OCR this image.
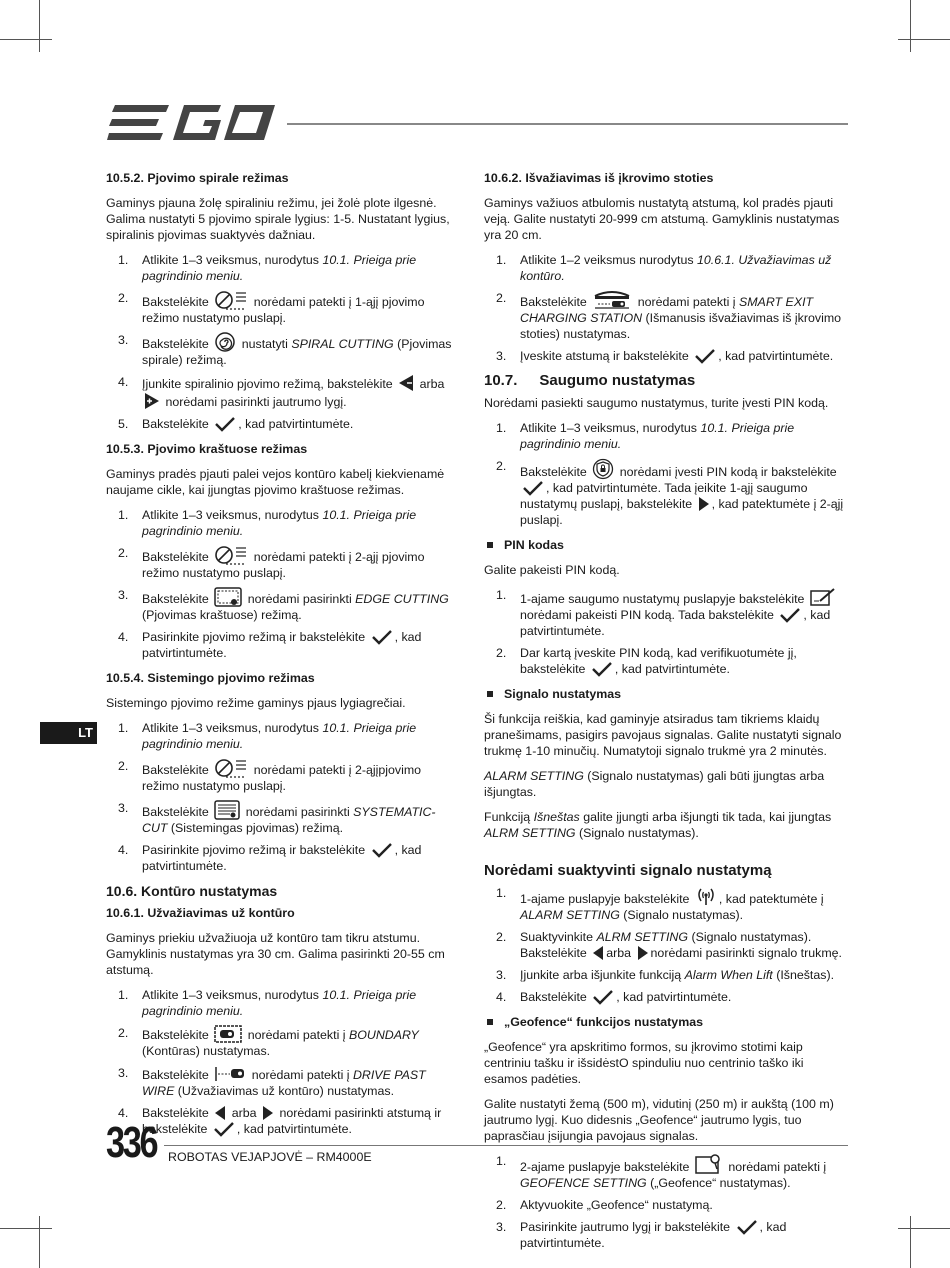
LT
10.5.2. Pjovimo spirale režimas

Gaminys pjauna žolę spiraliniu režimu, jei žolė plote ilgesnė. Galima nustatyti 5 pjovimo spirale lygius: 1-5. Nustatant lygius, spiralinis pjovimas suaktyvės dažniau.

1. Atlikite 1–3 veiksmus, nurodytus 10.1. Prieiga prie pagrindinio meniu.
2. Bakstelėkite	norėdami patekti į 1-ąjį pjovimo režimo nustatymo puslapį.
3. Bakstelėkite	nustatyti SPIRAL CUTTING (Pjovimas spirale) režimą.
4. Įjunkite spiralinio pjovimo režimą, bakstelėkite arba  norėdami pasirinkti jautrumo lygį.
5. Bakstelėkite , kad patvirtintumėte.
10.5.3. Pjovimo kraštuose režimas

Gaminys pradės pjauti palei vejos kontūro kabelį kiekvienamė naujame cikle, kai įjungtas pjovimo kraštuose režimas.

1. Atlikite 1–3 veiksmus, nurodytus 10.1. Prieiga prie pagrindinio meniu.
2. Bakstelėkite	norėdami patekti į 2-ąjį pjovimo režimo nustatymo puslapį.
3. Bakstelėkite	norėdami pasirinkti EDGE CUTTING (Pjovimas kraštuose) režimą.
4. Pasirinkite pjovimo režimą ir bakstelėkite , kad patvirtintumėte.
10.5.4. Sistemingo pjovimo režimas

Sistemingo pjovimo režime gaminys pjaus lygiagrečiai.

1. Atlikite 1–3 veiksmus, nurodytus 10.1. Prieiga prie pagrindinio meniu.
2. Bakstelėkite	norėdami patekti į 2-ąjįpjovimo režimo nustatymo puslapį.
3. Bakstelėkite	norėdami pasirinkti SYSTEMATIC-CUT (Sistemingas pjovimas) režimą.
4. Pasirinkite pjovimo režimą ir bakstelėkite , kad patvirtintumėte.
10.6. Kontūro nustatymas
10.6.1. Užvažiavimas už kontūro

Gaminys priekiu užvažiuoja už kontūro tam tikru atstumu. Gamyklinis nustatymas yra 30 cm. Galima pasirinkti 20-55 cm atstumą.

1. Atlikite 1–3 veiksmus, nurodytus 10.1. Prieiga prie pagrindinio meniu.
2. Bakstelėkite	norėdami patekti į BOUNDARY (Kontūras) nustatymas.
3. Bakstelėkite	norėdami patekti į DRIVE PAST WIRE (Užvažiavimas už kontūro) nustatymas.
4. Bakstelėkite arba norėdami pasirinkti atstumą ir bakstelėkite , kad patvirtintumėte.
10.6.2. Išvažiavimas iš įkrovimo stoties

Gaminys važiuos atbulomis nustatytą atstumą, kol pradės pjauti veją. Galite nustatyti 20-999 cm atstumą. Gamyklinis nustatymas yra 20 cm.

1. Atlikite 1–2 veiksmus nurodytus 10.6.1. Užvažiavimas už kontūro.
2. Bakstelėkite	norėdami patekti į SMART EXIT CHARGING STATION (Išmanusis išvažiavimas iš įkrovimo stoties) nustatymas.
3. Įveskite atstumą ir bakstelėkite , kad patvirtintumėte.
10.7. Saugumo nustatymas

Norėdami pasiekti saugumo nustatymus, turite įvesti PIN kodą.

1. Atlikite 1–3 veiksmus, nurodytus 10.1. Prieiga prie pagrindinio meniu.
2. Bakstelėkite	norėdami įvesti PIN kodą ir bakstelėkite , kad patvirtintumėte. Tada įeikite 1-ąjį saugumo nustatymų puslapį, bakstelėkite , kad patektumėte į 2-ąjį puslapį.
PIN kodas

Galite pakeisti PIN kodą.

1. 1-ajame saugumo nustatymų puslapyje bakstelėkite  norėdami pakeisti PIN kodą. Tada bakstelėkite , kad patvirtintumėte.
2. Dar kartą įveskite PIN kodą, kad verifikuotumėte jį, bakstelėkite , kad patvirtintumėte.
Signalo nustatymas

Ši funkcija reiškia, kad gaminyje atsiradus tam tikriems klaidų pranešimams, pasigirs pavojaus signalas. Galite nustatyti signalo trukmę 1-10 minučių. Numatytoji signalo trukmė yra 2 minutės.

ALARM SETTING (Signalo nustatymas) gali būti įjungtas arba išjungtas.

Funkciją Išneštas galite įjungti arba išjungti tik tada, kai įjungtas ALRM SETTING (Signalo nustatymas).

Norėdami suaktyvinti signalo nustatymą
1. 1-ajame puslapyje bakstelėkite , kad patektumėte į ALARM SETTING (Signalo nustatymas).
2. Suaktyvinkite ALRM SETTING (Signalo nustatymas). Bakstelėkite arba norėdami pasirinkti signalo trukmę.
3. Įjunkite arba išjunkite funkciją Alarm When Lift (Išneštas).
4. Bakstelėkite , kad patvirtintumėte.
„Geofence“ funkcijos nustatymas

„Geofence“ yra apskritimo formos, su įkrovimo stotimi kaip centriniu tašku ir išsidėstO spinduliu nuo centrinio taško iki esamos padėties.

Galite nustatyti žemą (500 m), vidutinį (250 m) ir aukštą (100 m) jautrumo lygį. Kuo didesnis „Geofence“ jautrumo lygis, tuo paprasčiau įsijungia pavojaus signalas.

1. 2-ajame puslapyje bakstelėkite	norėdami patekti į GEOFENCE SETTING („Geofence“ nustatymas).
2. Aktyvuokite „Geofence“ nustatymą.
3. Pasirinkite jautrumo lygį ir bakstelėkite , kad patvirtintumėte.
336 ROBOTAS VEJAPJOVĖ – RM4000E
